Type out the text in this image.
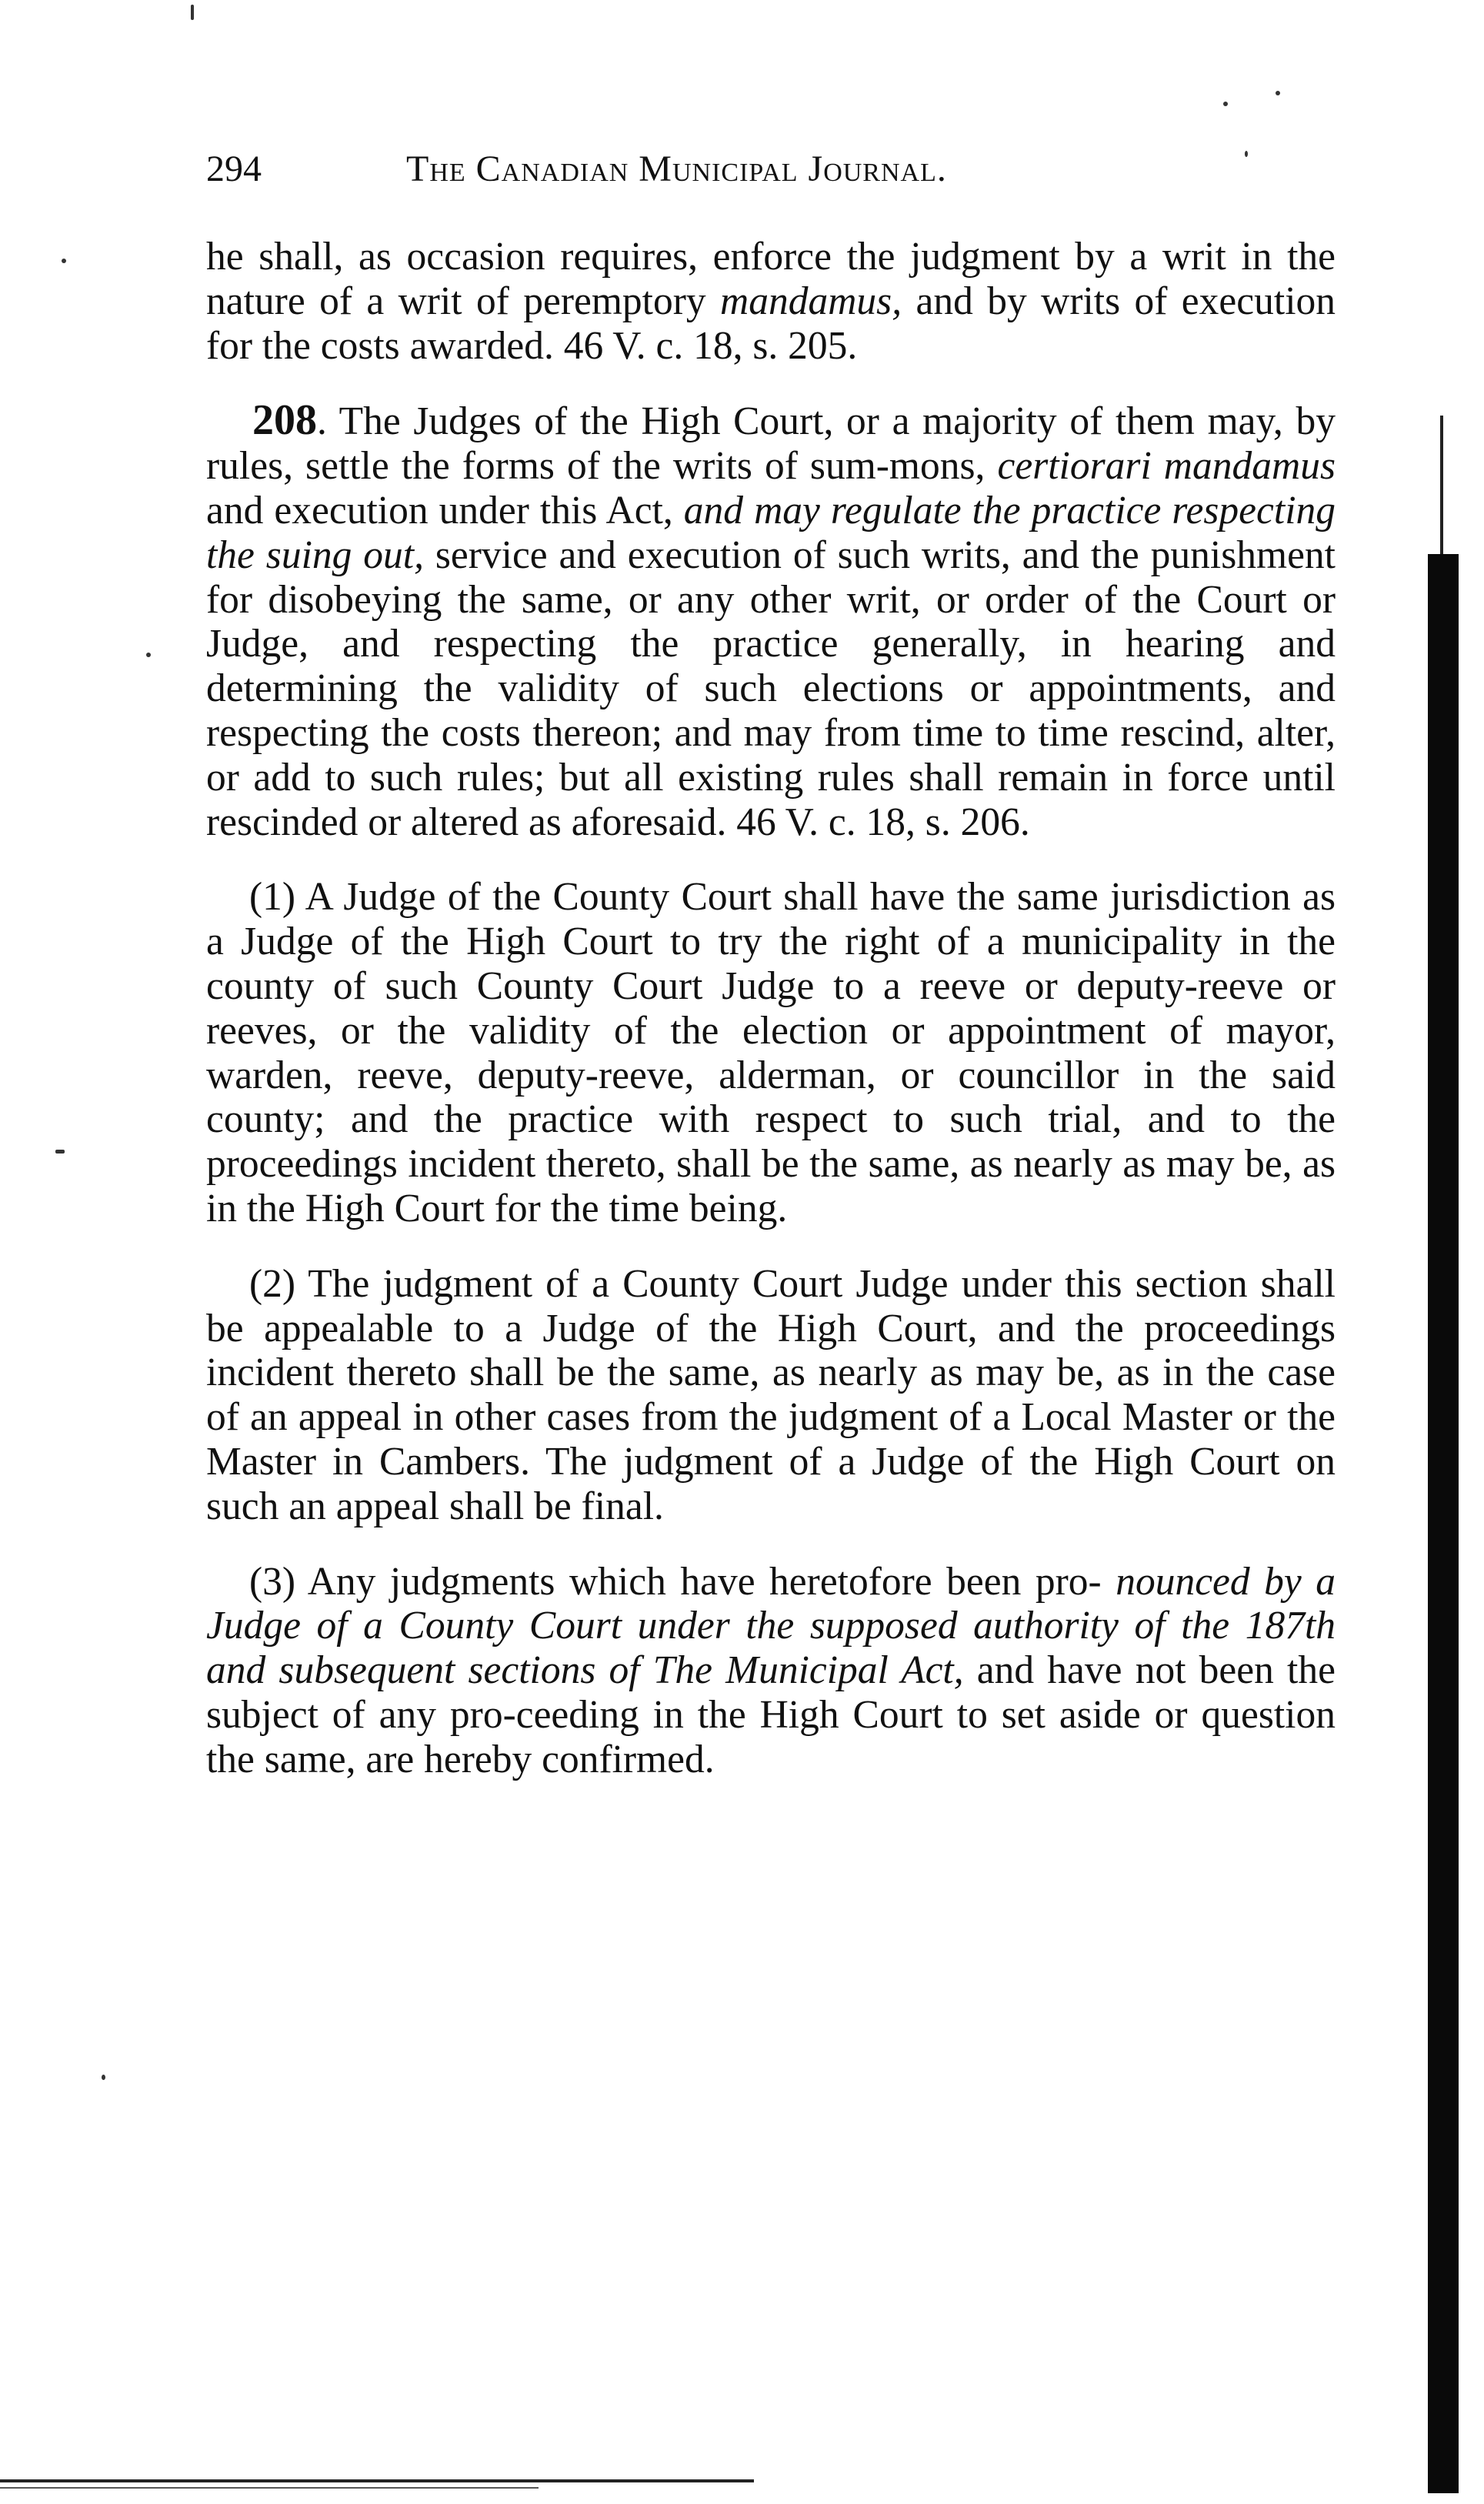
294	The Canadian Municipal Journal.

he shall, as occasion requires, enforce the judgment by a writ in the nature of a writ of peremptory mandamus, and by writs of execution for the costs awarded. 46 V. c. 18, s. 205.

208. The Judges of the High Court, or a majority of them may, by rules, settle the forms of the writs of sum-mons, certiorari mandamus and execution under this Act, and may regulate the practice respecting the suing out, service and execution of such writs, and the punishment for disobeying the same, or any other writ, or order of the Court or Judge, and respecting the practice generally, in hearing and determining the validity of such elections or appointments, and respecting the costs thereon; and may from time to time rescind, alter, or add to such rules; but all existing rules shall remain in force until rescinded or altered as aforesaid. 46 V. c. 18, s. 206.

(1) A Judge of the County Court shall have the same jurisdiction as a Judge of the High Court to try the right of a municipality in the county of such County Court Judge to a reeve or deputy-reeve or reeves, or the validity of the election or appointment of mayor, warden, reeve, deputy-reeve, alderman, or councillor in the said county; and the practice with respect to such trial, and to the proceedings incident thereto, shall be the same, as nearly as may be, as in the High Court for the time being.

(2) The judgment of a County Court Judge under this section shall be appealable to a Judge of the High Court, and the proceedings incident thereto shall be the same, as nearly as may be, as in the case of an appeal in other cases from the judgment of a Local Master or the Master in Cambers. The judgment of a Judge of the High Court on such an appeal shall be final.

(3) Any judgments which have heretofore been pro- nounced by a Judge of a County Court under the supposed authority of the 187th and subsequent sections of The Municipal Act, and have not been the subject of any pro-ceeding in the High Court to set aside or question the same, are hereby confirmed.
